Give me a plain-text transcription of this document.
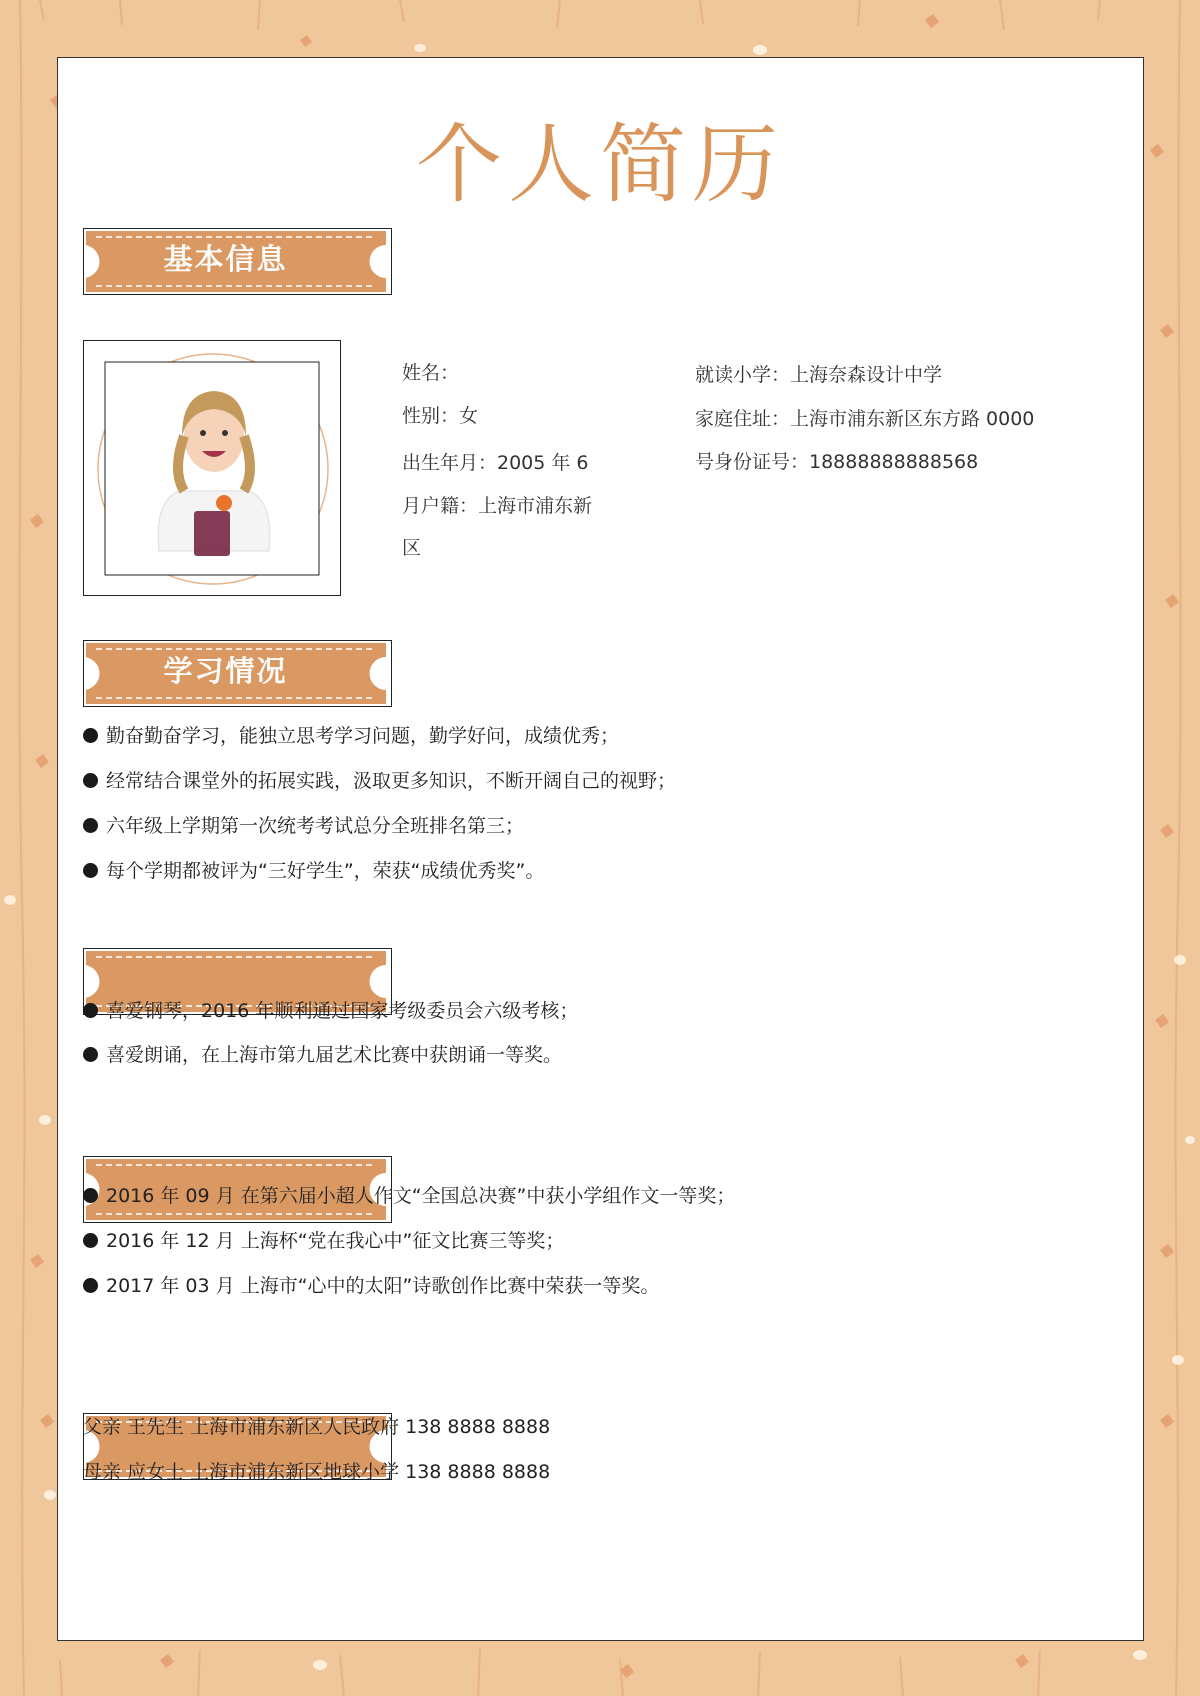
个人简历
基本信息
学习情况
姓名：
性别：女
出生年月：2005 年 6
月户籍：上海市浦东新
区
就读小学：上海奈森设计中学
家庭住址：上海市浦东新区东方路 0000
号身份证号：18888888888568
勤奋勤奋学习，能独立思考学习问题，勤学好问，成绩优秀；
经常结合课堂外的拓展实践，汲取更多知识，不断开阔自己的视野；
六年级上学期第一次统考考试总分全班排名第三；
每个学期都被评为“三好学生”，荣获“成绩优秀奖”。
喜爱钢琴，2016 年顺利通过国家考级委员会六级考核；
喜爱朗诵，在上海市第九届艺术比赛中获朗诵一等奖。
2016 年 09 月 在第六届小超人作文“全国总决赛”中获小学组作文一等奖；
2016 年 12 月 上海杯“党在我心中”征文比赛三等奖；
2017 年 03 月 上海市“心中的太阳”诗歌创作比赛中荣获一等奖。
父亲 王先生 上海市浦东新区人民政府 138 8888 8888
母亲 应女士 上海市浦东新区地球小学 138 8888 8888
